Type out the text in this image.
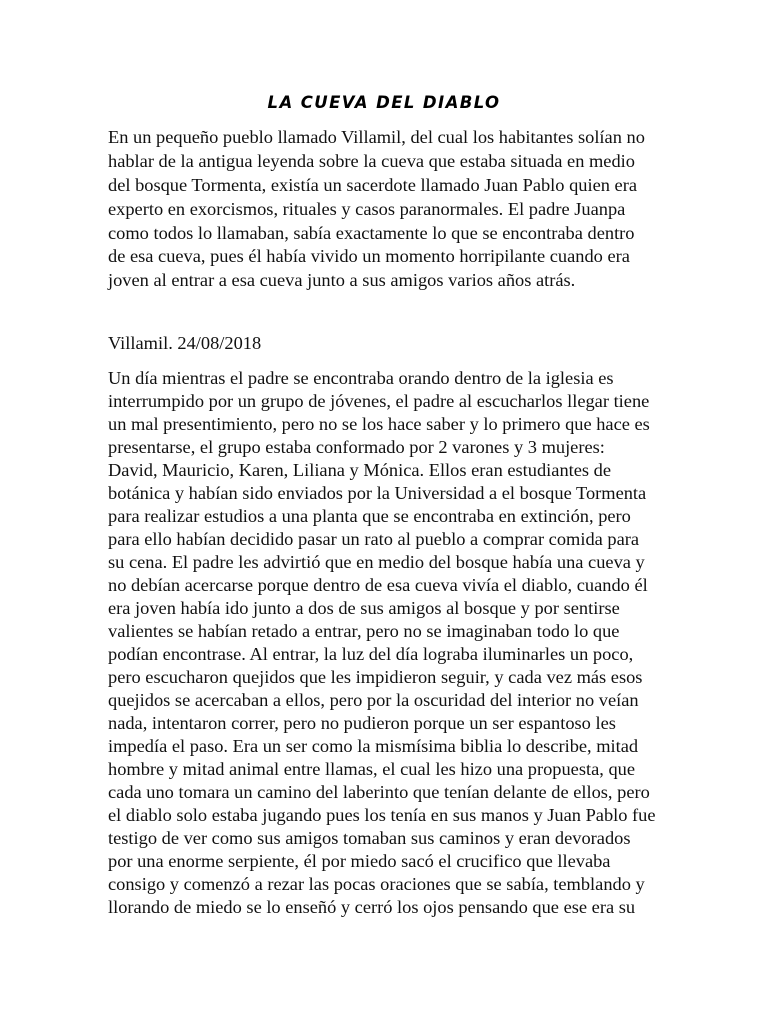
LA CUEVA DEL DIABLO
En un pequeño pueblo llamado Villamil, del cual los habitantes solían no
hablar de la antigua leyenda sobre la cueva que estaba situada en medio
del bosque Tormenta, existía un sacerdote llamado Juan Pablo quien era
experto en exorcismos, rituales y casos paranormales. El padre Juanpa
como todos lo llamaban, sabía exactamente lo que se encontraba dentro
de esa cueva, pues él había vivido un momento horripilante cuando era
joven al entrar a esa cueva junto a sus amigos varios años atrás.
Villamil. 24/08/2018
Un día mientras el padre se encontraba orando dentro de la iglesia es
interrumpido por un grupo de jóvenes, el padre al escucharlos llegar tiene
un mal presentimiento, pero no se los hace saber y lo primero que hace es
presentarse, el grupo estaba conformado por 2 varones y 3 mujeres:
David, Mauricio, Karen, Liliana y Mónica. Ellos eran estudiantes de
botánica y habían sido enviados por la Universidad a el bosque Tormenta
para realizar estudios a una planta que se encontraba en extinción, pero
para ello habían decidido pasar un rato al pueblo a comprar comida para
su cena. El padre les advirtió que en medio del bosque había una cueva y
no debían acercarse porque dentro de esa cueva vivía el diablo, cuando él
era joven había ido junto a dos de sus amigos al bosque y por sentirse
valientes se habían retado a entrar, pero no se imaginaban todo lo que
podían encontrase. Al entrar, la luz del día lograba iluminarles un poco,
pero escucharon quejidos que les impidieron seguir, y cada vez más esos
quejidos se acercaban a ellos, pero por la oscuridad del interior no veían
nada, intentaron correr, pero no pudieron porque un ser espantoso les
impedía el paso. Era un ser como la mismísima biblia lo describe, mitad
hombre y mitad animal entre llamas, el cual les hizo una propuesta, que
cada uno tomara un camino del laberinto que tenían delante de ellos, pero
el diablo solo estaba jugando pues los tenía en sus manos y Juan Pablo fue
testigo de ver como sus amigos tomaban sus caminos y eran devorados
por una enorme serpiente, él por miedo sacó el crucifico que llevaba
consigo y comenzó a rezar las pocas oraciones que se sabía, temblando y
llorando de miedo se lo enseñó y cerró los ojos pensando que ese era su
